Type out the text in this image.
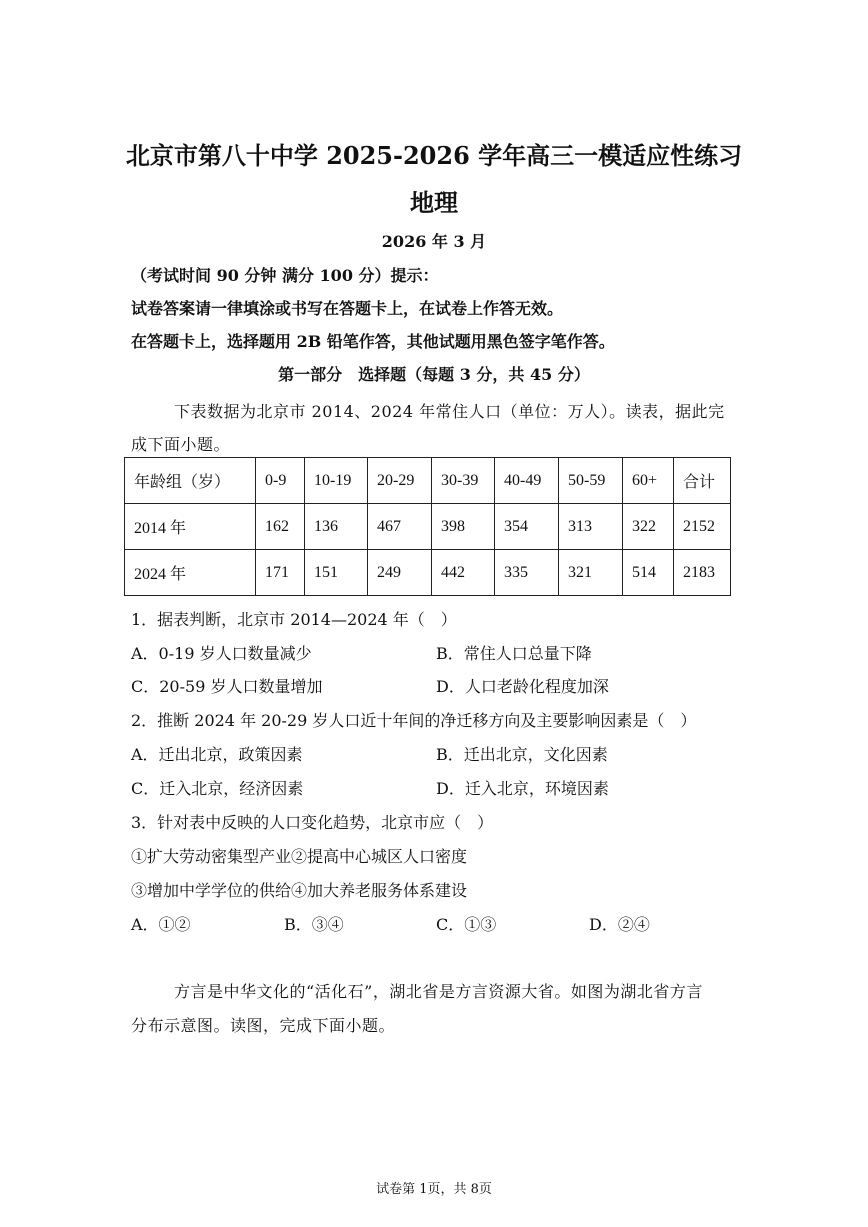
北京市第八十中学 2025-2026 学年高三一模适应性练习
地理
2026 年 3 月
（考试时间 90 分钟 满分 100 分）提示：
试卷答案请一律填涂或书写在答题卡上，在试卷上作答无效。
在答题卡上，选择题用 2B 铅笔作答，其他试题用黑色签字笔作答。
第一部分　选择题（每题 3 分，共 45 分）
下表数据为北京市 2014、2024 年常住人口（单位：万人）。读表，据此完
成下面小题。
年龄组（岁）	0-9	10-19	20-29	30-39	40-49	50-59	60+	合计
2014 年	162	136	467	398	354	313	322	2152
2024 年	171	151	249	442	335	321	514	2183
1．据表判断，北京市 2014—2024 年（　）
A．0-19 岁人口数量减少	B．常住人口总量下降
C．20-59 岁人口数量增加	D．人口老龄化程度加深
2．推断 2024 年 20-29 岁人口近十年间的净迁移方向及主要影响因素是（　）
A．迁出北京，政策因素	B．迁出北京，文化因素
C．迁入北京，经济因素	D．迁入北京，环境因素
3．针对表中反映的人口变化趋势，北京市应（　）
①扩大劳动密集型产业②提高中心城区人口密度
③增加中学学位的供给④加大养老服务体系建设
A．①②	B．③④	C．①③	D．②④
方言是中华文化的“活化石”，湖北省是方言资源大省。如图为湖北省方言
分布示意图。读图，完成下面小题。
试卷第 1页，共 8页
